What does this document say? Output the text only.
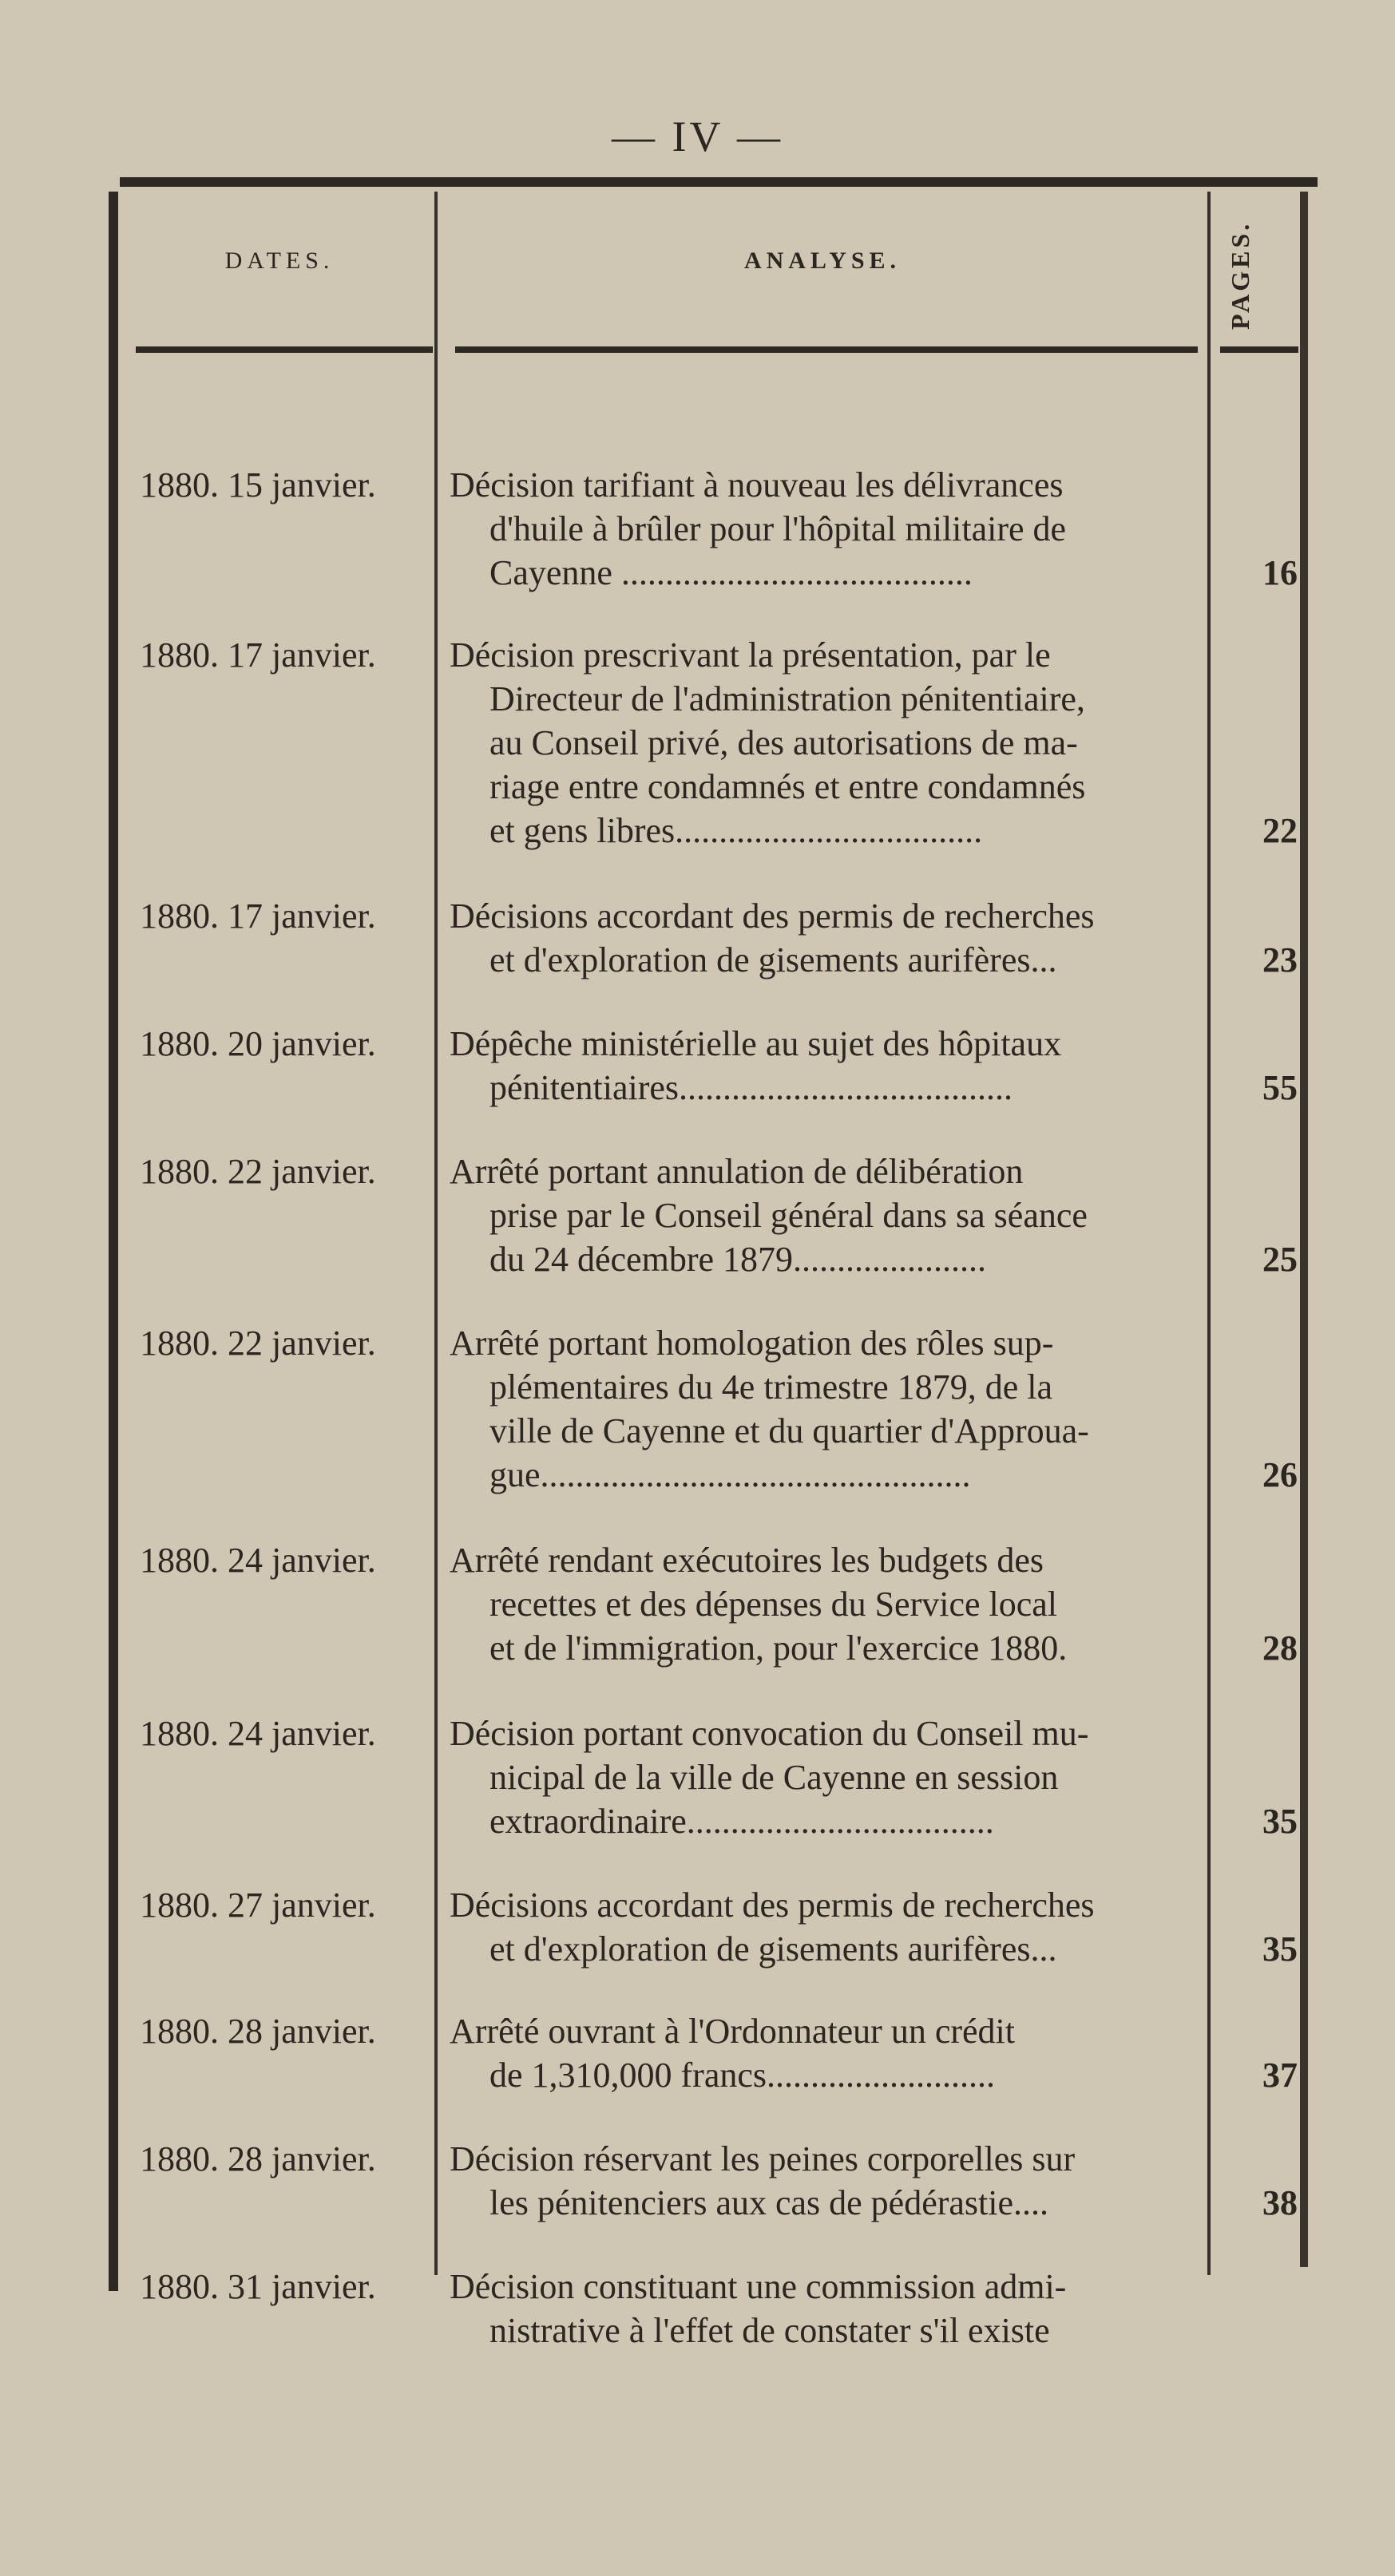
— IV —
DATES.	ANALYSE.	PAGES.
1880. 15 janvier.	Décision tarifiant à nouveau les délivrances
d'huile à brûler pour l'hôpital militaire de
Cayenne ........................................	16
1880. 17 janvier.	Décision prescrivant la présentation, par le
Directeur de l'administration pénitentiaire,
au Conseil privé, des autorisations de ma-
riage entre condamnés et entre condamnés
et gens libres...................................	22
1880. 17 janvier.	Décisions accordant des permis de recherches
et d'exploration de gisements aurifères...	23
1880. 20 janvier.	Dépêche ministérielle au sujet des hôpitaux
pénitentiaires......................................	55
1880. 22 janvier.	Arrêté portant annulation de délibération
prise par le Conseil général dans sa séance
du 24 décembre 1879......................	25
1880. 22 janvier.	Arrêté portant homologation des rôles sup-
plémentaires du 4e trimestre 1879, de la
ville de Cayenne et du quartier d'Approua-
gue.................................................	26
1880. 24 janvier.	Arrêté rendant exécutoires les budgets des
recettes et des dépenses du Service local
et de l'immigration, pour l'exercice 1880.	28
1880. 24 janvier.	Décision portant convocation du Conseil mu-
nicipal de la ville de Cayenne en session
extraordinaire...................................	35
1880. 27 janvier.	Décisions accordant des permis de recherches
et d'exploration de gisements aurifères...	35
1880. 28 janvier.	Arrêté ouvrant à l'Ordonnateur un crédit
de 1,310,000 francs..........................	37
1880. 28 janvier.	Décision réservant les peines corporelles sur
les pénitenciers aux cas de pédérastie....	38
1880. 31 janvier.	Décision constituant une commission admi-
nistrative à l'effet de constater s'il existe
